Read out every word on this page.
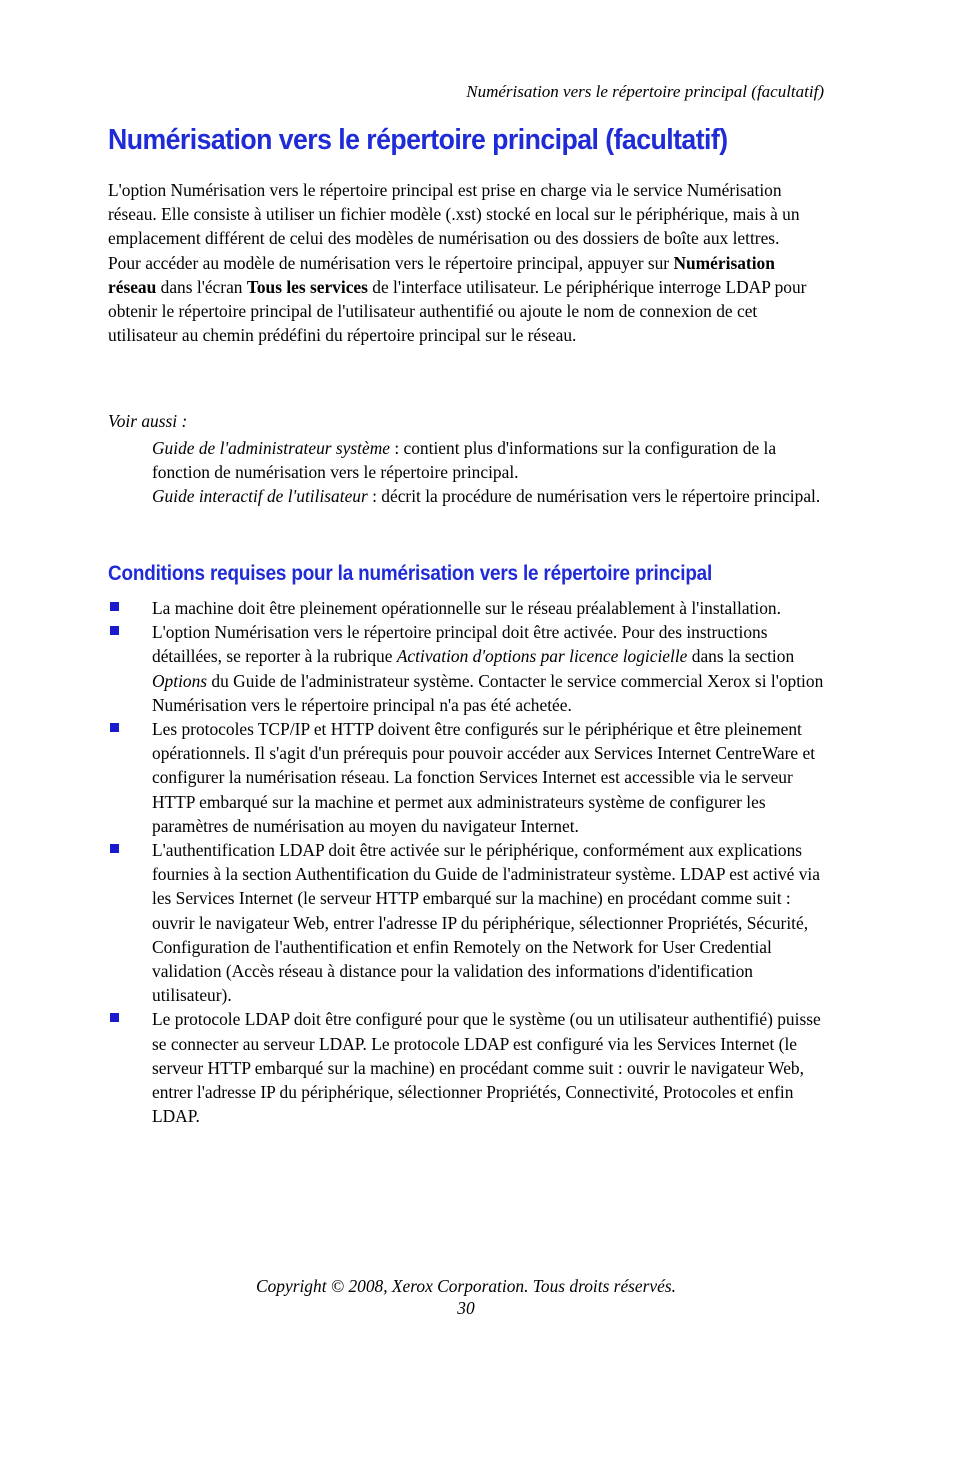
Numérisation vers le répertoire principal (facultatif)
Numérisation vers le répertoire principal (facultatif)

L'option Numérisation vers le répertoire principal est prise en charge via le service Numérisation réseau. Elle consiste à utiliser un fichier modèle (.xst) stocké en local sur le périphérique, mais à un emplacement différent de celui des modèles de numérisation ou des dossiers de boîte aux lettres.

Pour accéder au modèle de numérisation vers le répertoire principal, appuyer sur Numérisation réseau dans l'écran Tous les services de l'interface utilisateur. Le périphérique interroge LDAP pour obtenir le répertoire principal de l'utilisateur authentifié ou ajoute le nom de connexion de cet utilisateur au chemin prédéfini du répertoire principal sur le réseau.

Voir aussi :

Guide de l'administrateur système : contient plus d'informations sur la configuration de la fonction de numérisation vers le répertoire principal.

Guide interactif de l'utilisateur : décrit la procédure de numérisation vers le répertoire principal.

Conditions requises pour la numérisation vers le répertoire principal
La machine doit être pleinement opérationnelle sur le réseau préalablement à l'installation.
L'option Numérisation vers le répertoire principal doit être activée. Pour des instructions détaillées, se reporter à la rubrique Activation d'options par licence logicielle dans la section Options du Guide de l'administrateur système. Contacter le service commercial Xerox si l'option Numérisation vers le répertoire principal n'a pas été achetée.
Les protocoles TCP/IP et HTTP doivent être configurés sur le périphérique et être pleinement opérationnels. Il s'agit d'un prérequis pour pouvoir accéder aux Services Internet CentreWare et configurer la numérisation réseau. La fonction Services Internet est accessible via le serveur HTTP embarqué sur la machine et permet aux administrateurs système de configurer les paramètres de numérisation au moyen du navigateur Internet.
L'authentification LDAP doit être activée sur le périphérique, conformément aux explications fournies à la section Authentification du Guide de l'administrateur système. LDAP est activé via les Services Internet (le serveur HTTP embarqué sur la machine) en procédant comme suit : ouvrir le navigateur Web, entrer l'adresse IP du périphérique, sélectionner Propriétés, Sécurité, Configuration de l'authentification et enfin Remotely on the Network for User Credential validation (Accès réseau à distance pour la validation des informations d'identification utilisateur).
Le protocole LDAP doit être configuré pour que le système (ou un utilisateur authentifié) puisse se connecter au serveur LDAP. Le protocole LDAP est configuré via les Services Internet (le serveur HTTP embarqué sur la machine) en procédant comme suit : ouvrir le navigateur Web, entrer l'adresse IP du périphérique, sélectionner Propriétés, Connectivité, Protocoles et enfin LDAP.
Copyright © 2008, Xerox Corporation. Tous droits réservés.
30
